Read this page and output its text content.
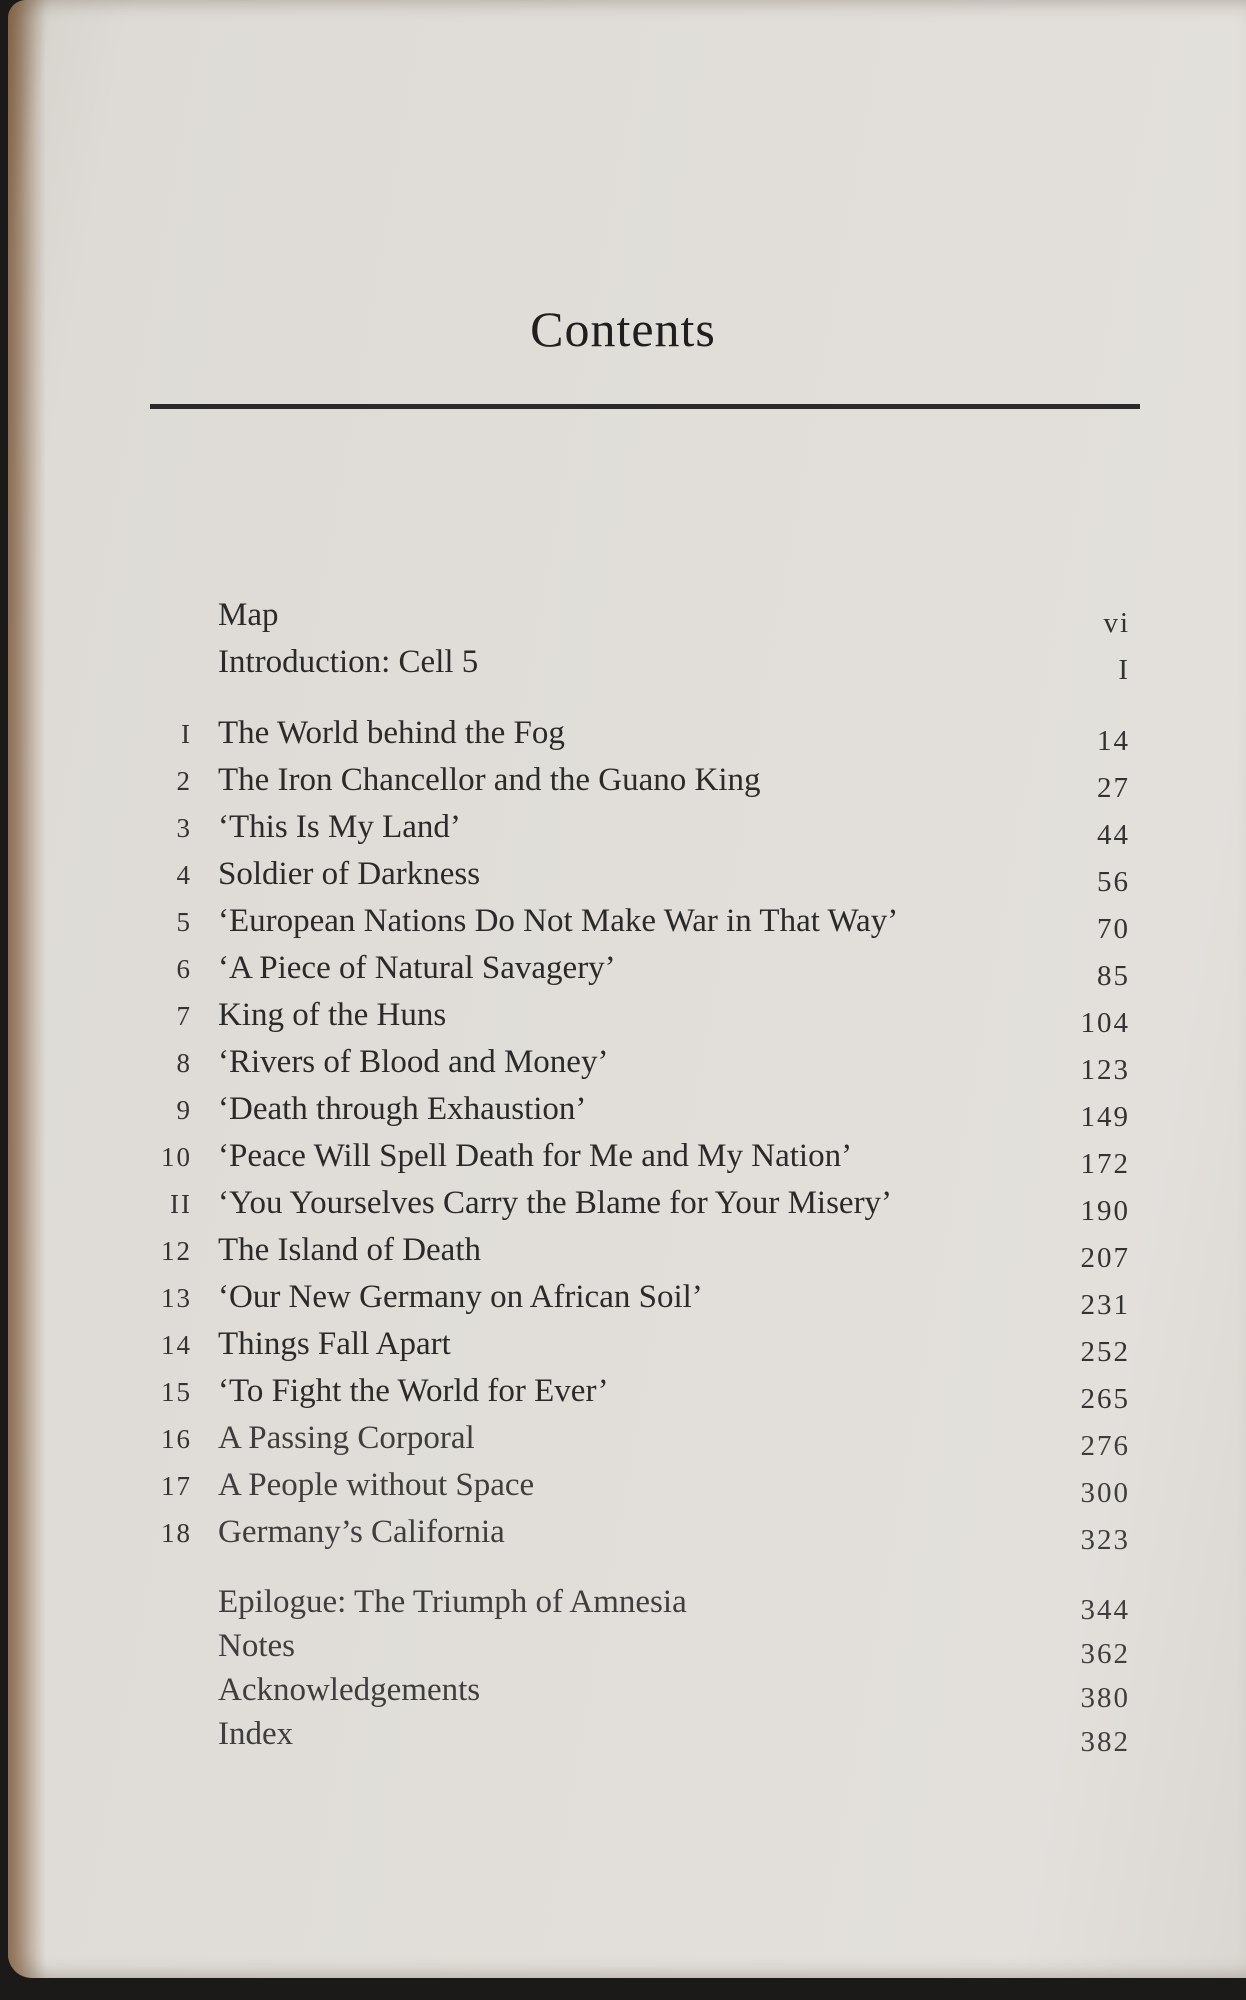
Contents
Map	vi
Introduction: Cell 5	I
I The World behind the Fog	14
2 The Iron Chancellor and the Guano King	27
3 ‘This Is My Land’	44
4 Soldier of Darkness	56
5 ‘European Nations Do Not Make War in That Way’	70
6 ‘A Piece of Natural Savagery’	85
7 King of the Huns	104
8 ‘Rivers of Blood and Money’	123
9 ‘Death through Exhaustion’	149
10 ‘Peace Will Spell Death for Me and My Nation’	172
II ‘You Yourselves Carry the Blame for Your Misery’	190
12 The Island of Death	207
13 ‘Our New Germany on African Soil’	231
14 Things Fall Apart	252
15 ‘To Fight the World for Ever’	265
16 A Passing Corporal	276
17 A People without Space	300
18 Germany’s California	323
Epilogue: The Triumph of Amnesia	344
Notes	362
Acknowledgements	380
Index	382
